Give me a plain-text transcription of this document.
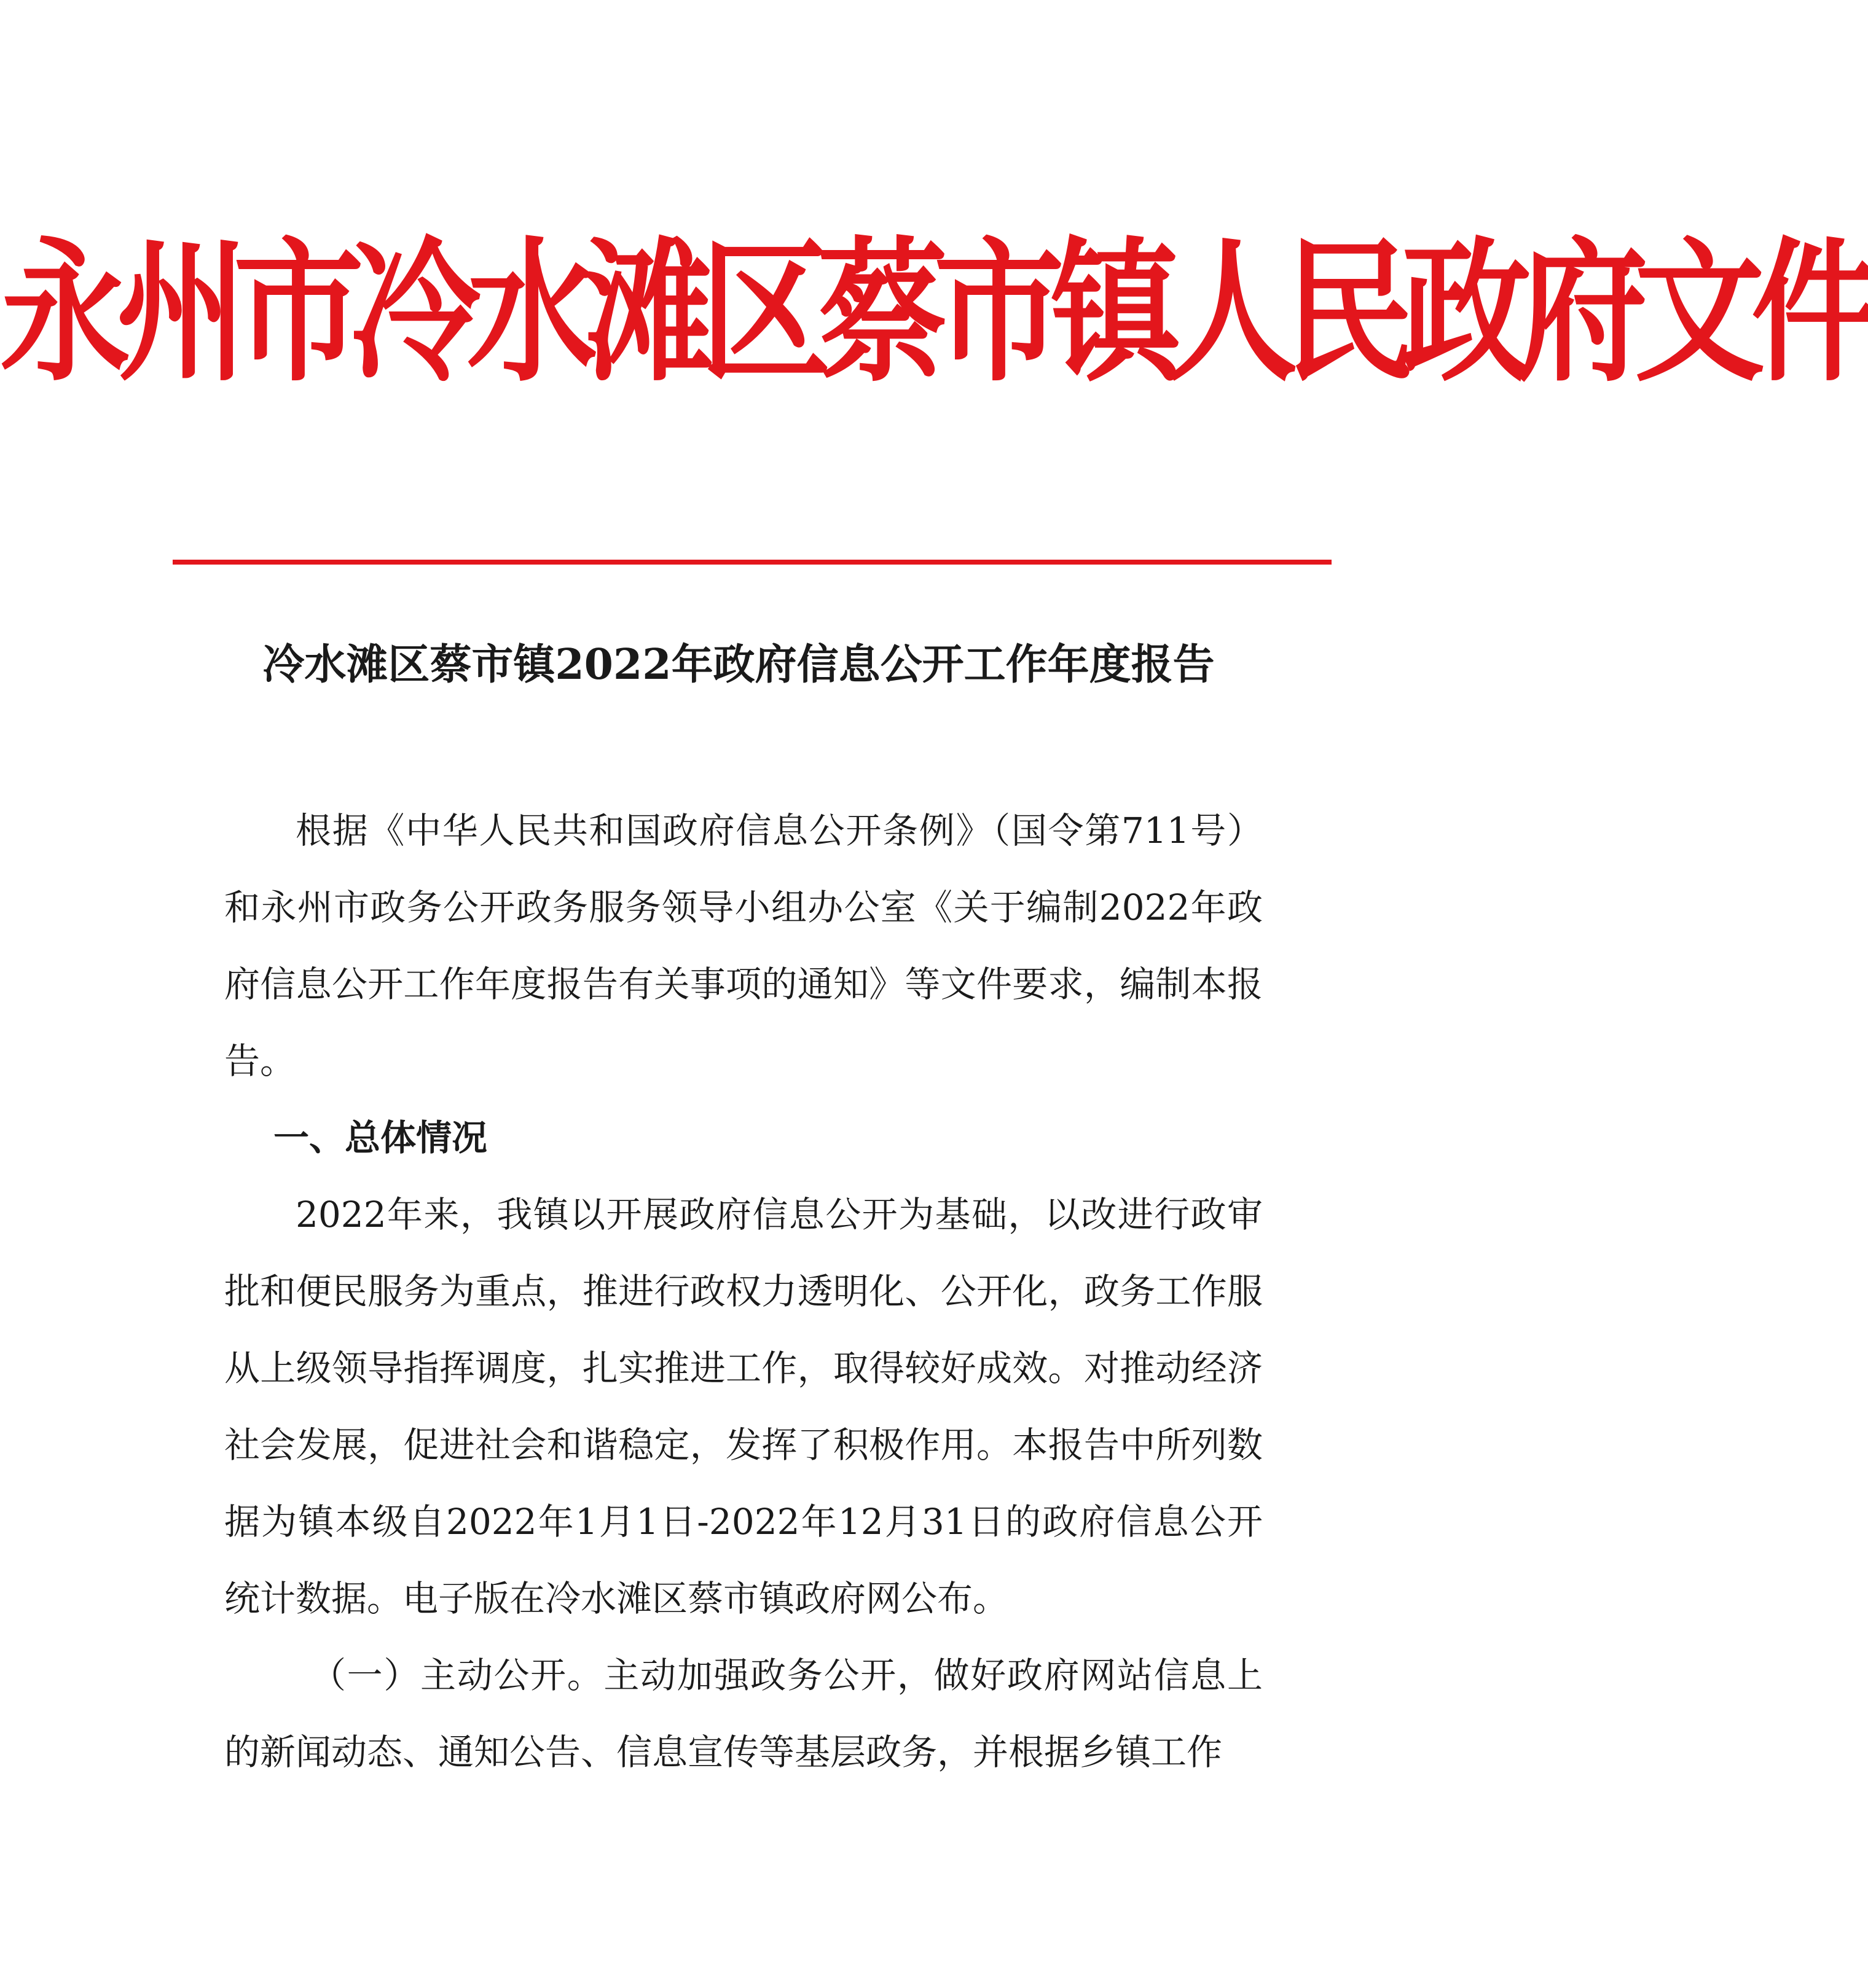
永州市冷水滩区蔡市镇人民政府文件
冷水滩区蔡市镇2022年政府信息公开工作年度报告

根据《中华人民共和国政府信息公开条例》（国令第711号）和永州市政务公开政务服务领导小组办公室《关于编制2022年政府信息公开工作年度报告有关事项的通知》等文件要求，编制本报告。

一、总体情况

2022年来，我镇以开展政府信息公开为基础，以改进行政审批和便民服务为重点，推进行政权力透明化、公开化，政务工作服从上级领导指挥调度，扎实推进工作，取得较好成效。对推动经济社会发展，促进社会和谐稳定，发挥了积极作用。本报告中所列数据为镇本级自2022年1月1日-2022年12月31日的政府信息公开统计数据。电子版在冷水滩区蔡市镇政府网公布。

（一）主动公开。主动加强政务公开，做好政府网站信息上的新闻动态、通知公告、信息宣传等基层政务，并根据乡镇工作
